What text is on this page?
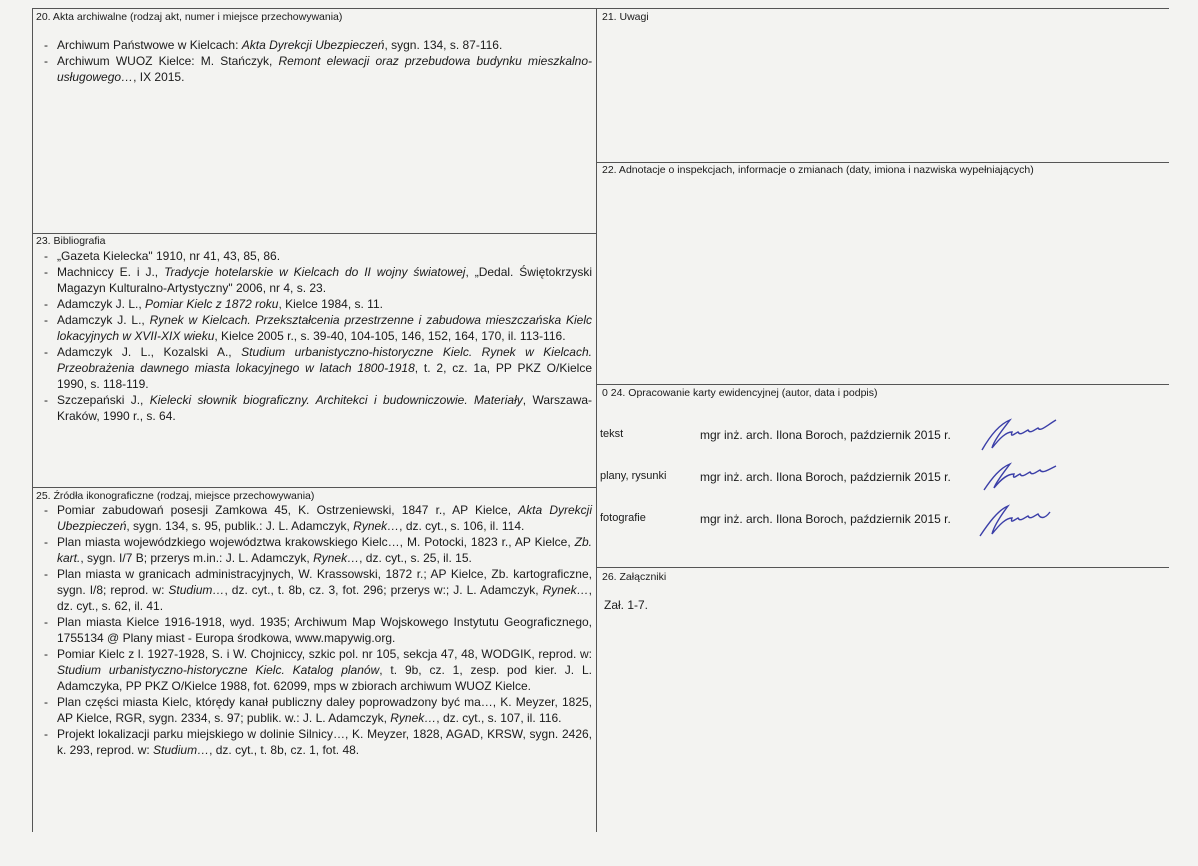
20. Akta archiwalne (rodzaj akt, numer i miejsce przechowywania)
- Archiwum Państwowe w Kielcach: Akta Dyrekcji Ubezpieczeń, sygn. 134, s. 87-116.
- Archiwum WUOZ Kielce: M. Stańczyk, Remont elewacji oraz przebudowa budynku mieszkalno-usługowego…, IX 2015.
21. Uwagi
22. Adnotacje o inspekcjach, informacje o zmianach (daty, imiona i nazwiska wypełniających)
23. Bibliografia
- „Gazeta Kielecka" 1910, nr 41, 43, 85, 86.
- Machniccy E. i J., Tradycje hotelarskie w Kielcach do II wojny światowej, „Dedal. Świętokrzyski Magazyn Kulturalno-Artystyczny" 2006, nr 4, s. 23.
- Adamczyk J. L., Pomiar Kielc z 1872 roku, Kielce 1984, s. 11.
- Adamczyk J. L., Rynek w Kielcach. Przekształcenia przestrzenne i zabudowa mieszczańska Kielc lokacyjnych w XVII-XIX wieku, Kielce 2005 r., s. 39-40, 104-105, 146, 152, 164, 170, il. 113-116.
- Adamczyk J. L., Kozalski A., Studium urbanistyczno-historyczne Kielc. Rynek w Kielcach. Przeobrażenia dawnego miasta lokacyjnego w latach 1800-1918, t. 2, cz. 1a, PP PKZ O/Kielce 1990, s. 118-119.
- Szczepański J., Kielecki słownik biograficzny. Architekci i budowniczowie. Materiały, Warszawa-Kraków, 1990 r., s. 64.
0 24. Opracowanie karty ewidencyjnej (autor, data i podpis)
tekst	mgr inż. arch. Ilona Boroch, październik 2015 r.
plany, rysunki	mgr inż. arch. Ilona Boroch, październik 2015 r.
fotografie	mgr inż. arch. Ilona Boroch, październik 2015 r.
25. Źródła ikonograficzne (rodzaj, miejsce przechowywania)
- Pomiar zabudowań posesji Zamkowa 45, K. Ostrzeniewski, 1847 r., AP Kielce, Akta Dyrekcji Ubezpieczeń, sygn. 134, s. 95, publik.: J. L. Adamczyk, Rynek…, dz. cyt., s. 106, il. 114.
- Plan miasta wojewódzkiego województwa krakowskiego Kielc…, M. Potocki, 1823 r., AP Kielce, Zb. kart., sygn. I/7 B; przerys m.in.: J. L. Adamczyk, Rynek…, dz. cyt., s. 25, il. 15.
- Plan miasta w granicach administracyjnych, W. Krassowski, 1872 r.; AP Kielce, Zb. kartograficzne, sygn. I/8; reprod. w: Studium…, dz. cyt., t. 8b, cz. 3, fot. 296; przerys w:; J. L. Adamczyk, Rynek…, dz. cyt., s. 62, il. 41.
- Plan miasta Kielce 1916-1918, wyd. 1935; Archiwum Map Wojskowego Instytutu Geograficznego, 1755134 @ Plany miast - Europa środkowa, www.mapywig.org.
- Pomiar Kielc z l. 1927-1928, S. i W. Chojniccy, szkic pol. nr 105, sekcja 47, 48, WODGIK, reprod. w: Studium urbanistyczno-historyczne Kielc. Katalog planów, t. 9b, cz. 1, zesp. pod kier. J. L. Adamczyka, PP PKZ O/Kielce 1988, fot. 62099, mps w zbiorach archiwum WUOZ Kielce.
- Plan części miasta Kielc, którędy kanał publiczny daley poprowadzony być ma…, K. Meyzer, 1825, AP Kielce, RGR, sygn. 2334, s. 97; publik. w.: J. L. Adamczyk, Rynek…, dz. cyt., s. 107, il. 116.
- Projekt lokalizacji parku miejskiego w dolinie Silnicy…, K. Meyzer, 1828, AGAD, KRSW, sygn. 2426, k. 293, reprod. w: Studium…, dz. cyt., t. 8b, cz. 1, fot. 48.
26. Załączniki
Zał. 1-7.
